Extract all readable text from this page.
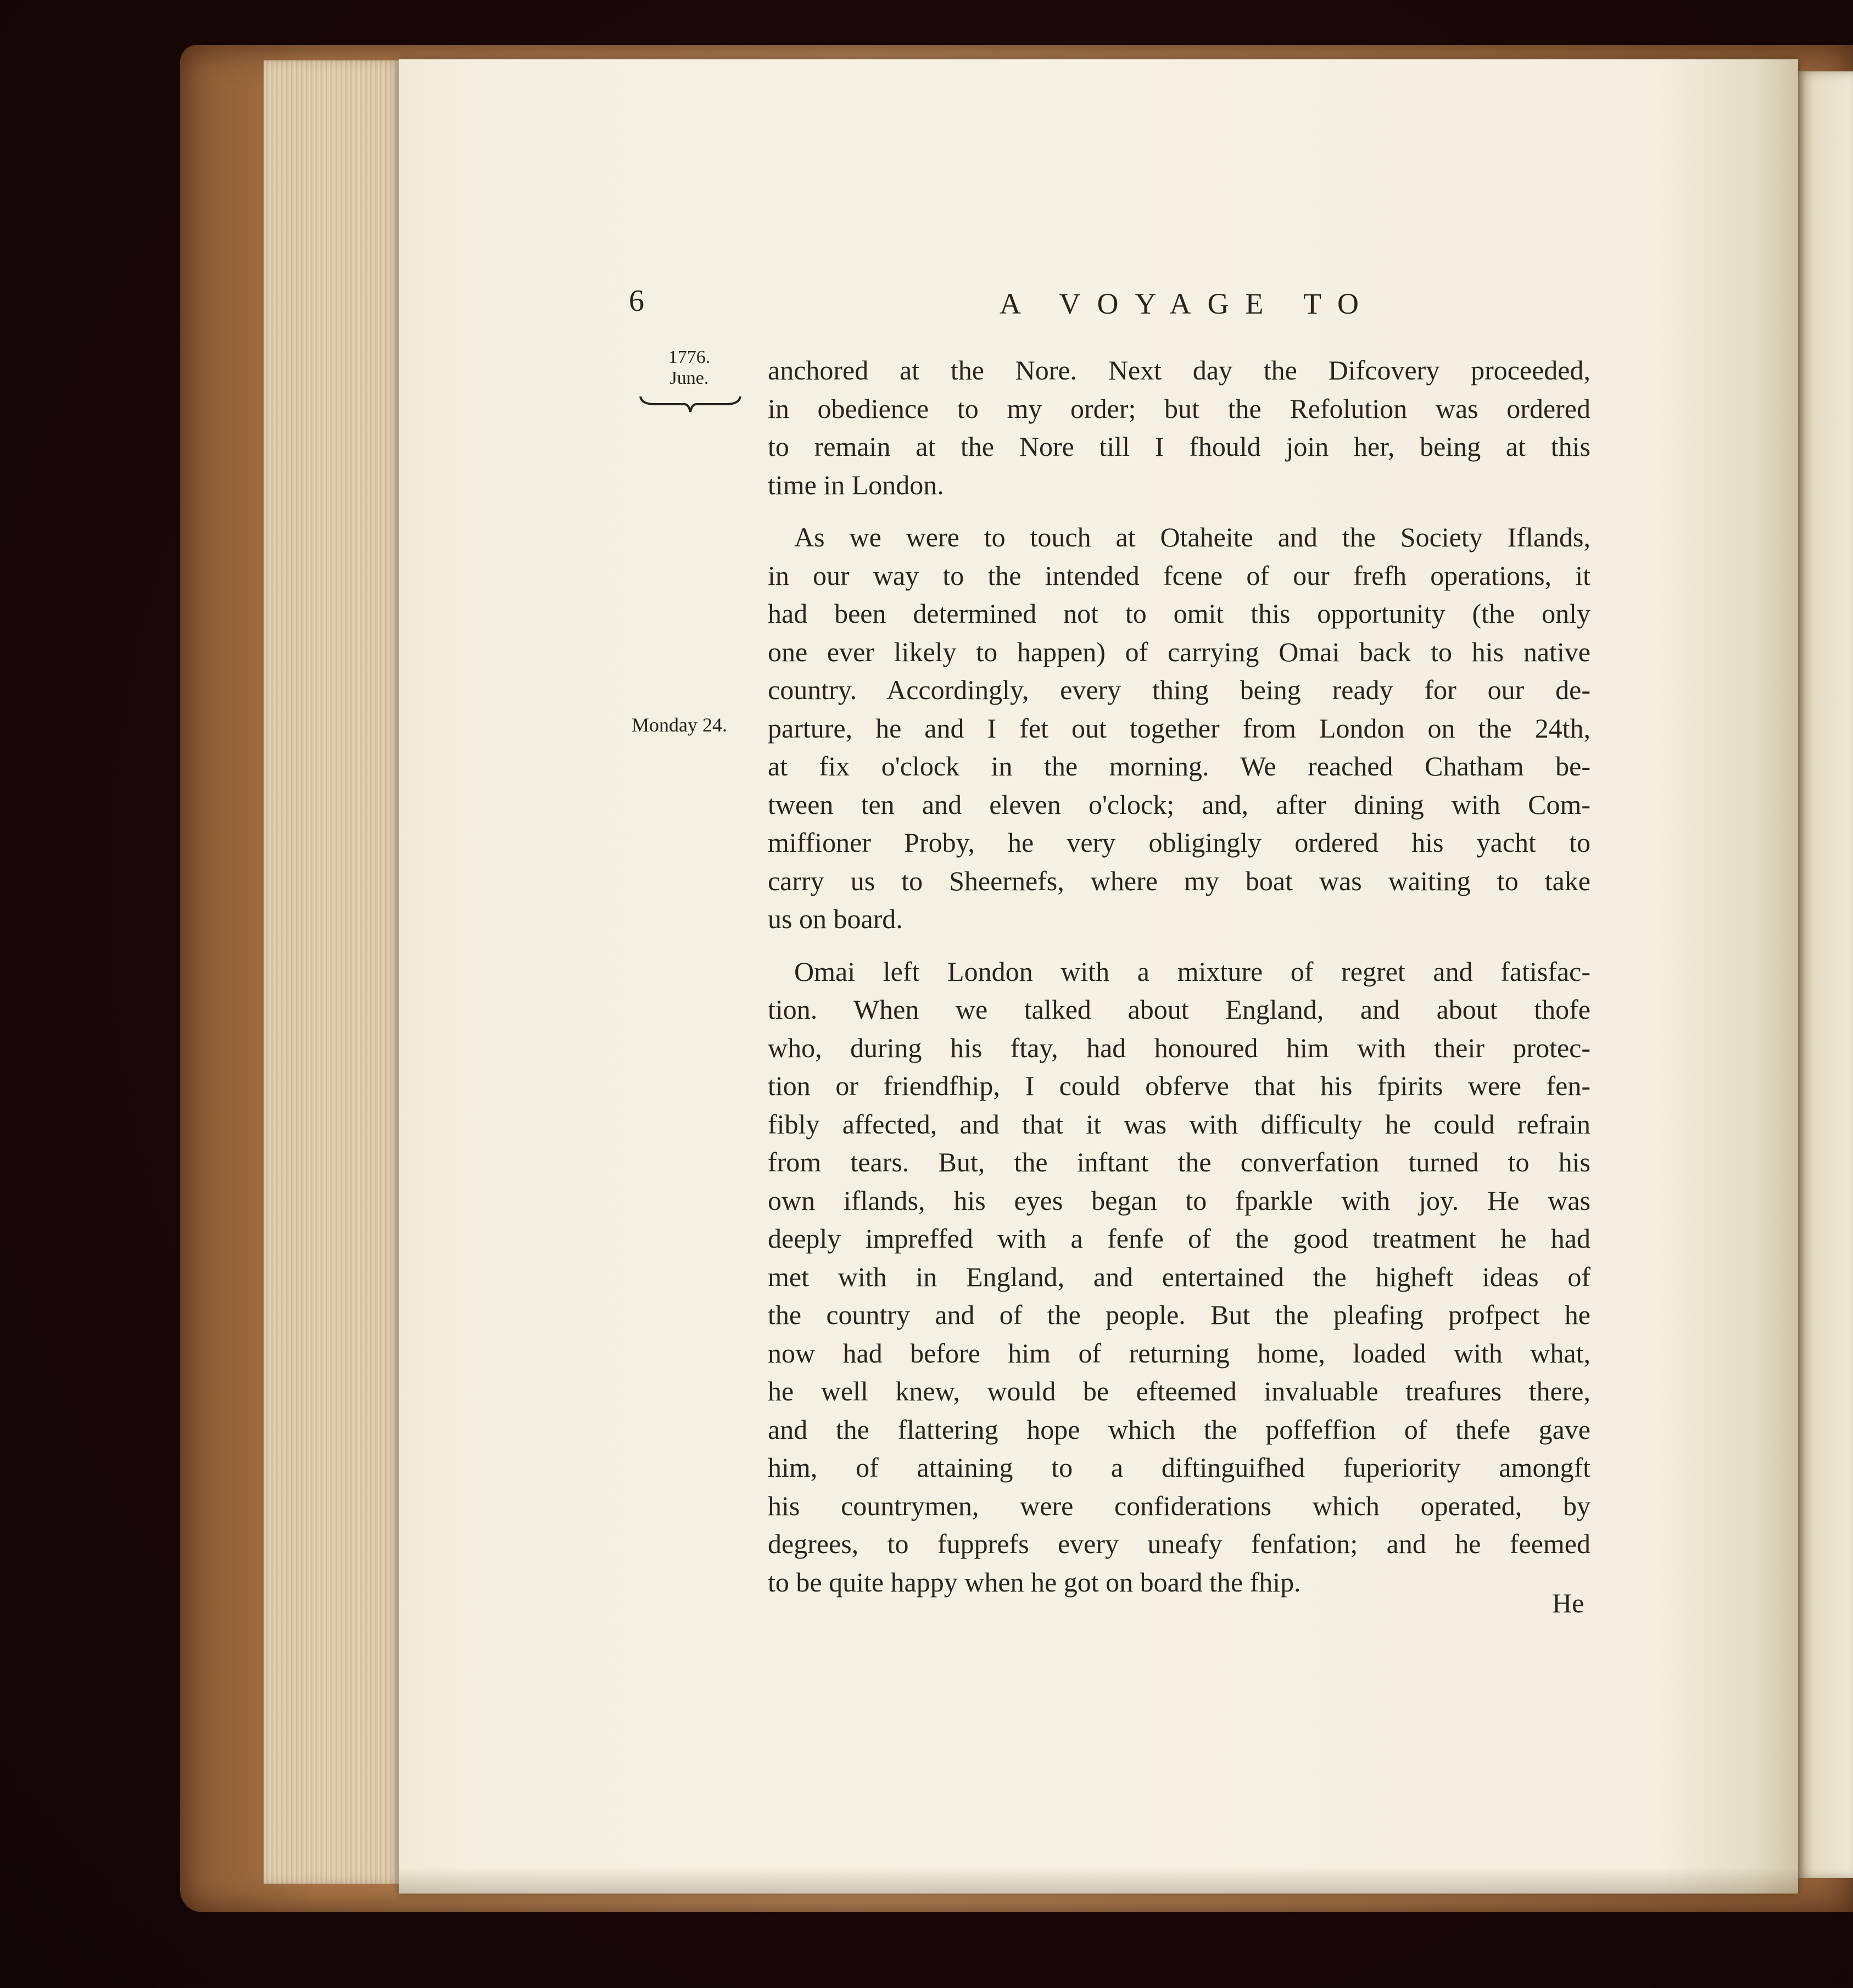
6	A VOYAGE TO
1776.
June.
Monday 24.
anchored at the Nore. Next day the Difcovery proceeded,
in obedience to my order; but the Refolution was ordered
to remain at the Nore till I fhould join her, being at this
time in London.
As we were to touch at Otaheite and the Society Iflands,
in our way to the intended fcene of our frefh operations, it
had been determined not to omit this opportunity (the only
one ever likely to happen) of carrying Omai back to his native
country. Accordingly, every thing being ready for our de-
parture, he and I fet out together from London on the 24th,
at fix o'clock in the morning. We reached Chatham be-
tween ten and eleven o'clock; and, after dining with Com-
miffioner Proby, he very obligingly ordered his yacht to
carry us to Sheernefs, where my boat was waiting to take
us on board.
Omai left London with a mixture of regret and fatisfac-
tion. When we talked about England, and about thofe
who, during his ftay, had honoured him with their protec-
tion or friendfhip, I could obferve that his fpirits were fen-
fibly affected, and that it was with difficulty he could refrain
from tears. But, the inftant the converfation turned to his
own iflands, his eyes began to fparkle with joy. He was
deeply impreffed with a fenfe of the good treatment he had
met with in England, and entertained the higheft ideas of
the country and of the people. But the pleafing profpect he
now had before him of returning home, loaded with what,
he well knew, would be efteemed invaluable treafures there,
and the flattering hope which the poffeffion of thefe gave
him, of attaining to a diftinguifhed fuperiority amongft
his countrymen, were confiderations which operated, by
degrees, to fupprefs every uneafy fenfation; and he feemed
to be quite happy when he got on board the fhip.
He
